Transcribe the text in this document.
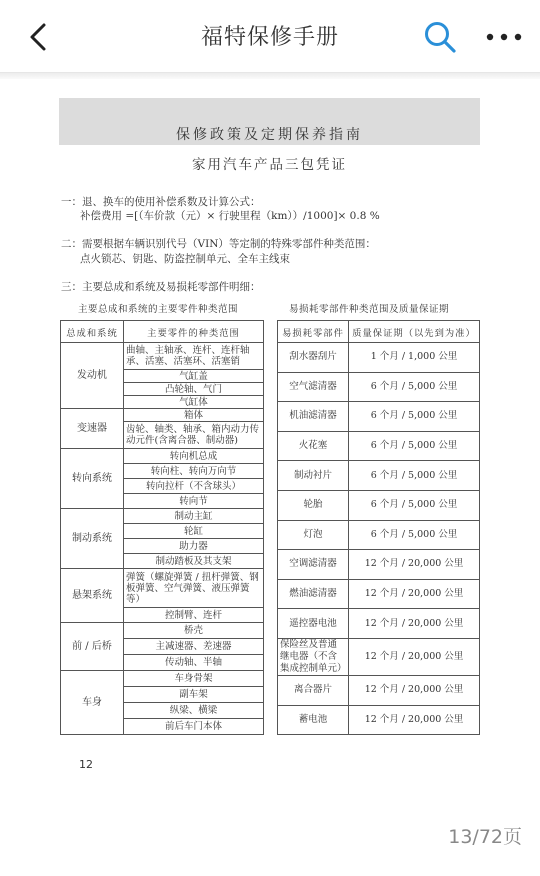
福特保修手册
保修政策及定期保养指南
家用汽车产品三包凭证
一：退、换车的使用补偿系数及计算公式：
补偿费用 =[（车价款（元）× 行驶里程（km））/1000]× 0.8 %
二：需要根据车辆识别代号（VIN）等定制的特殊零部件种类范围：
点火锁芯、钥匙、防盗控制单元、全车主线束
三：主要总成和系统及易损耗零部件明细：
主要总成和系统的主要零件种类范围	易损耗零部件种类范围及质量保证期
总成和系统	主要零件的种类范围
发动机	曲轴、主轴承、连杆、连杆轴承、活塞、活塞环、活塞销
	气缸盖
	凸轮轴、气门
	气缸体
变速器	箱体
	齿轮、轴类、轴承、箱内动力传动元件(含离合器、制动器)
转向系统	转向机总成
	转向柱、转向万向节
	转向拉杆（不含球头）
	转向节
制动系统	制动主缸
	轮缸
	助力器
	制动踏板及其支架
悬架系统	弹簧（螺旋弹簧 / 扭杆弹簧、钢板弹簧、空气弹簧、液压弹簧等）
	控制臂、连杆
前 / 后桥	桥壳
	主减速器、差速器
	传动轴、半轴
车身	车身骨架
	副车架
	纵梁、横梁
	前后车门本体
易损耗零部件	质量保证期（以先到为准）
刮水器刮片	1 个月 / 1,000 公里
空气滤清器	6 个月 / 5,000 公里
机油滤清器	6 个月 / 5,000 公里
火花塞	6 个月 / 5,000 公里
制动衬片	6 个月 / 5,000 公里
轮胎	6 个月 / 5,000 公里
灯泡	6 个月 / 5,000 公里
空调滤清器	12 个月 / 20,000 公里
燃油滤清器	12 个月 / 20,000 公里
遥控器电池	12 个月 / 20,000 公里
保险丝及普通继电器（不含集成控制单元）	12 个月 / 20,000 公里
离合器片	12 个月 / 20,000 公里
蓄电池	12 个月 / 20,000 公里
12
13/72页
